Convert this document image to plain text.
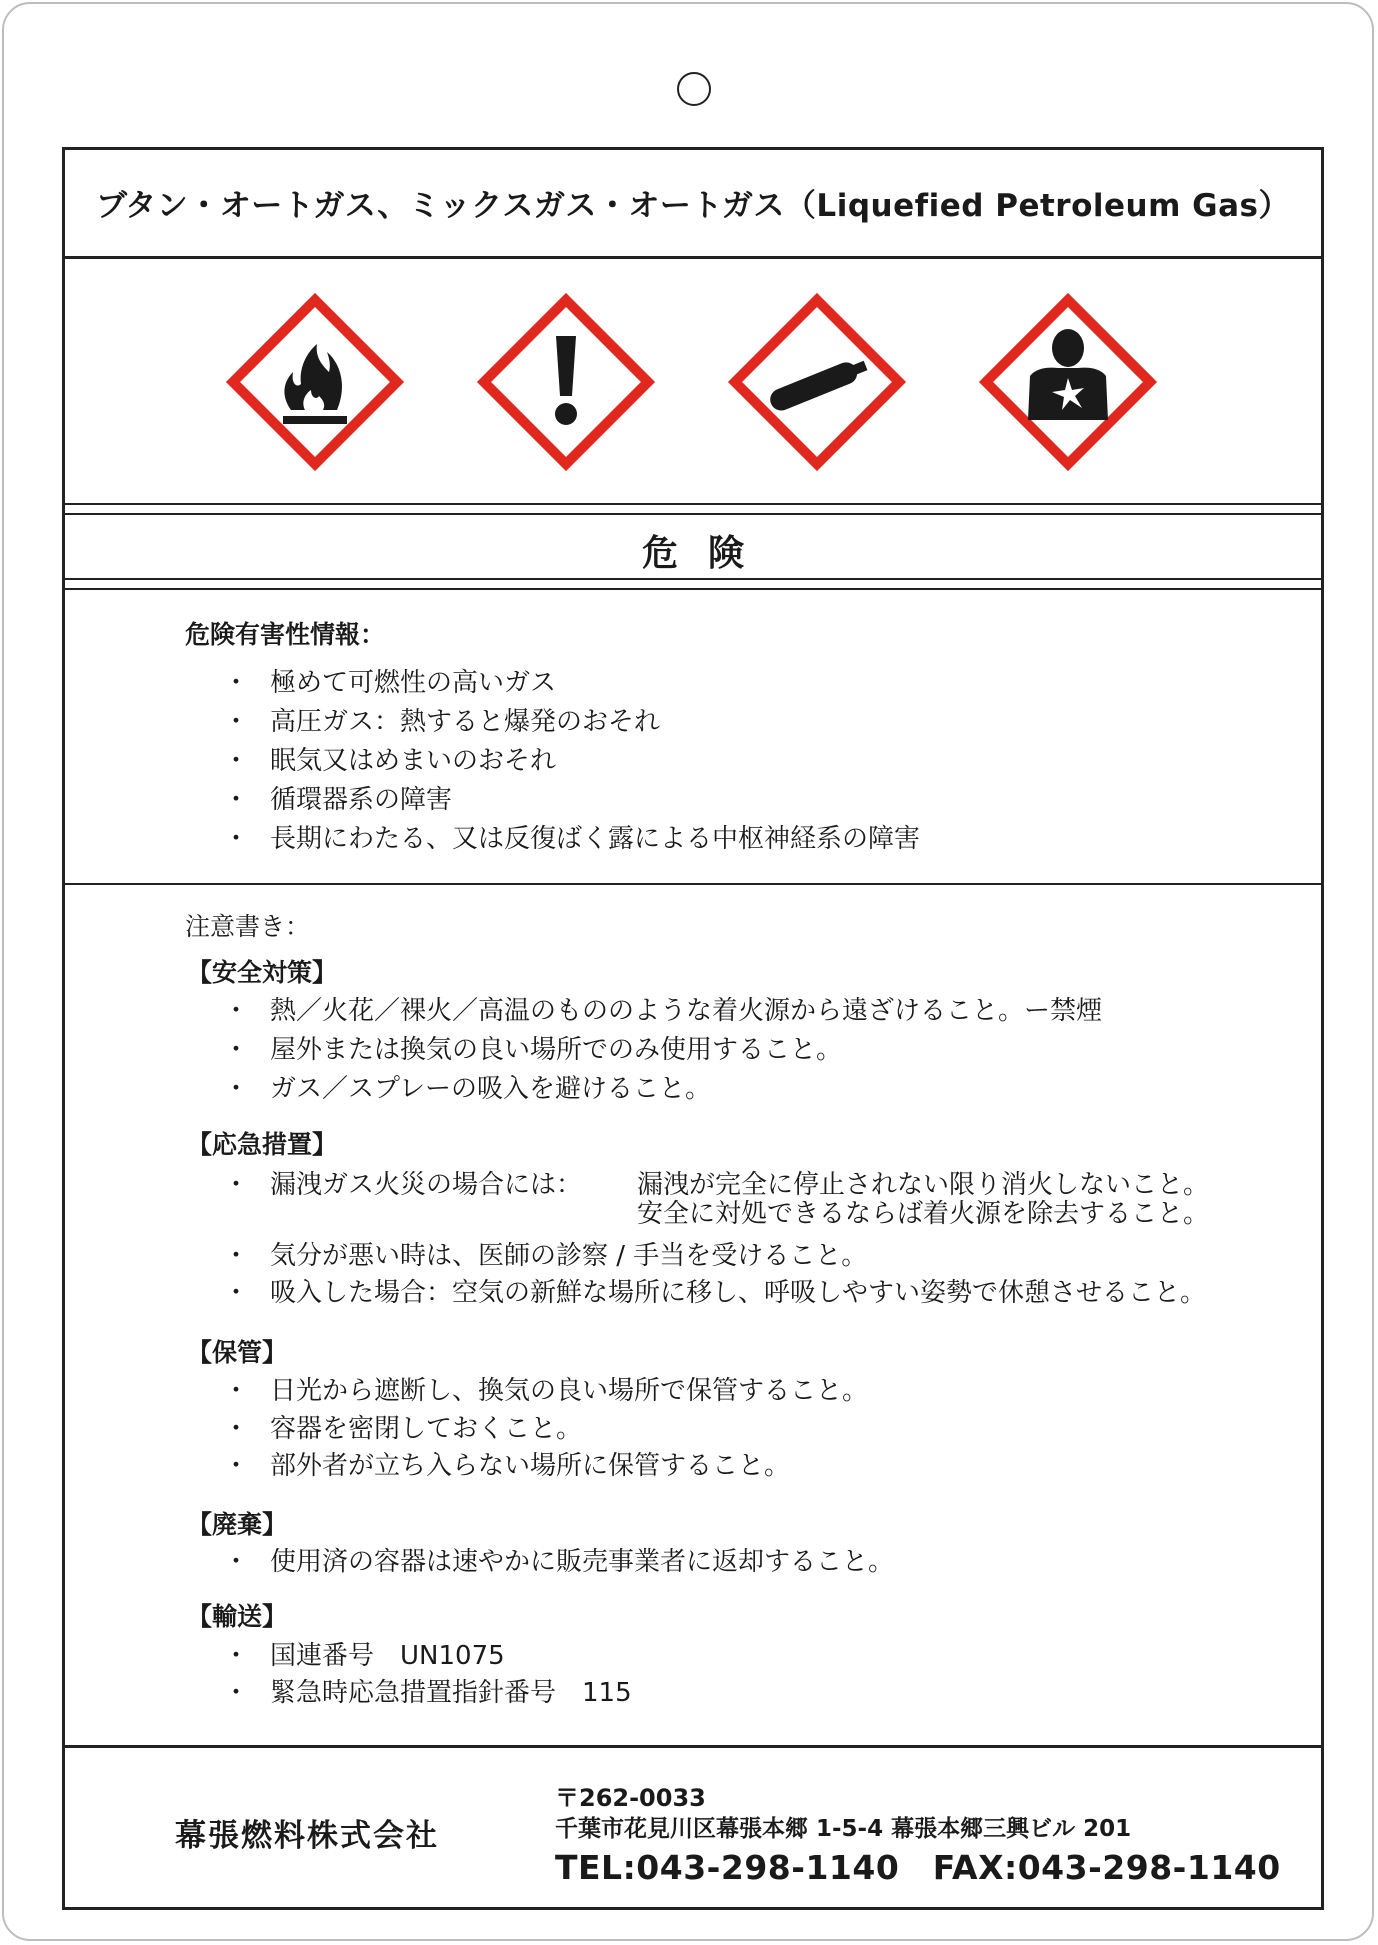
ブタン・オートガス、ミックスガス・オートガス（Liquefied Petroleum Gas）
危険
危険有害性情報：
・ 極めて可燃性の高いガス
・ 高圧ガス：熱すると爆発のおそれ
・ 眠気又はめまいのおそれ
・ 循環器系の障害
・ 長期にわたる、又は反復ばく露による中枢神経系の障害
注意書き：
【安全対策】
・ 熱／火花／裸火／高温のもののような着火源から遠ざけること。ー禁煙
・ 屋外または換気の良い場所でのみ使用すること。
・ ガス／スプレーの吸入を避けること。
【応急措置】
・ 漏洩ガス火災の場合には： 漏洩が完全に停止されない限り消火しないこと。
安全に対処できるならば着火源を除去すること。
・ 気分が悪い時は、医師の診察 / 手当を受けること。
・ 吸入した場合：空気の新鮮な場所に移し、呼吸しやすい姿勢で休憩させること。
【保管】
・ 日光から遮断し、換気の良い場所で保管すること。
・ 容器を密閉しておくこと。
・ 部外者が立ち入らない場所に保管すること。
【廃棄】
・ 使用済の容器は速やかに販売事業者に返却すること。
【輸送】
・ 国連番号　UN1075
・ 緊急時応急措置指針番号　115
幕張燃料株式会社
〒262-0033
千葉市花見川区幕張本郷 1-5-4 幕張本郷三興ビル 201
TEL:043-298-1140　FAX:043-298-1140
